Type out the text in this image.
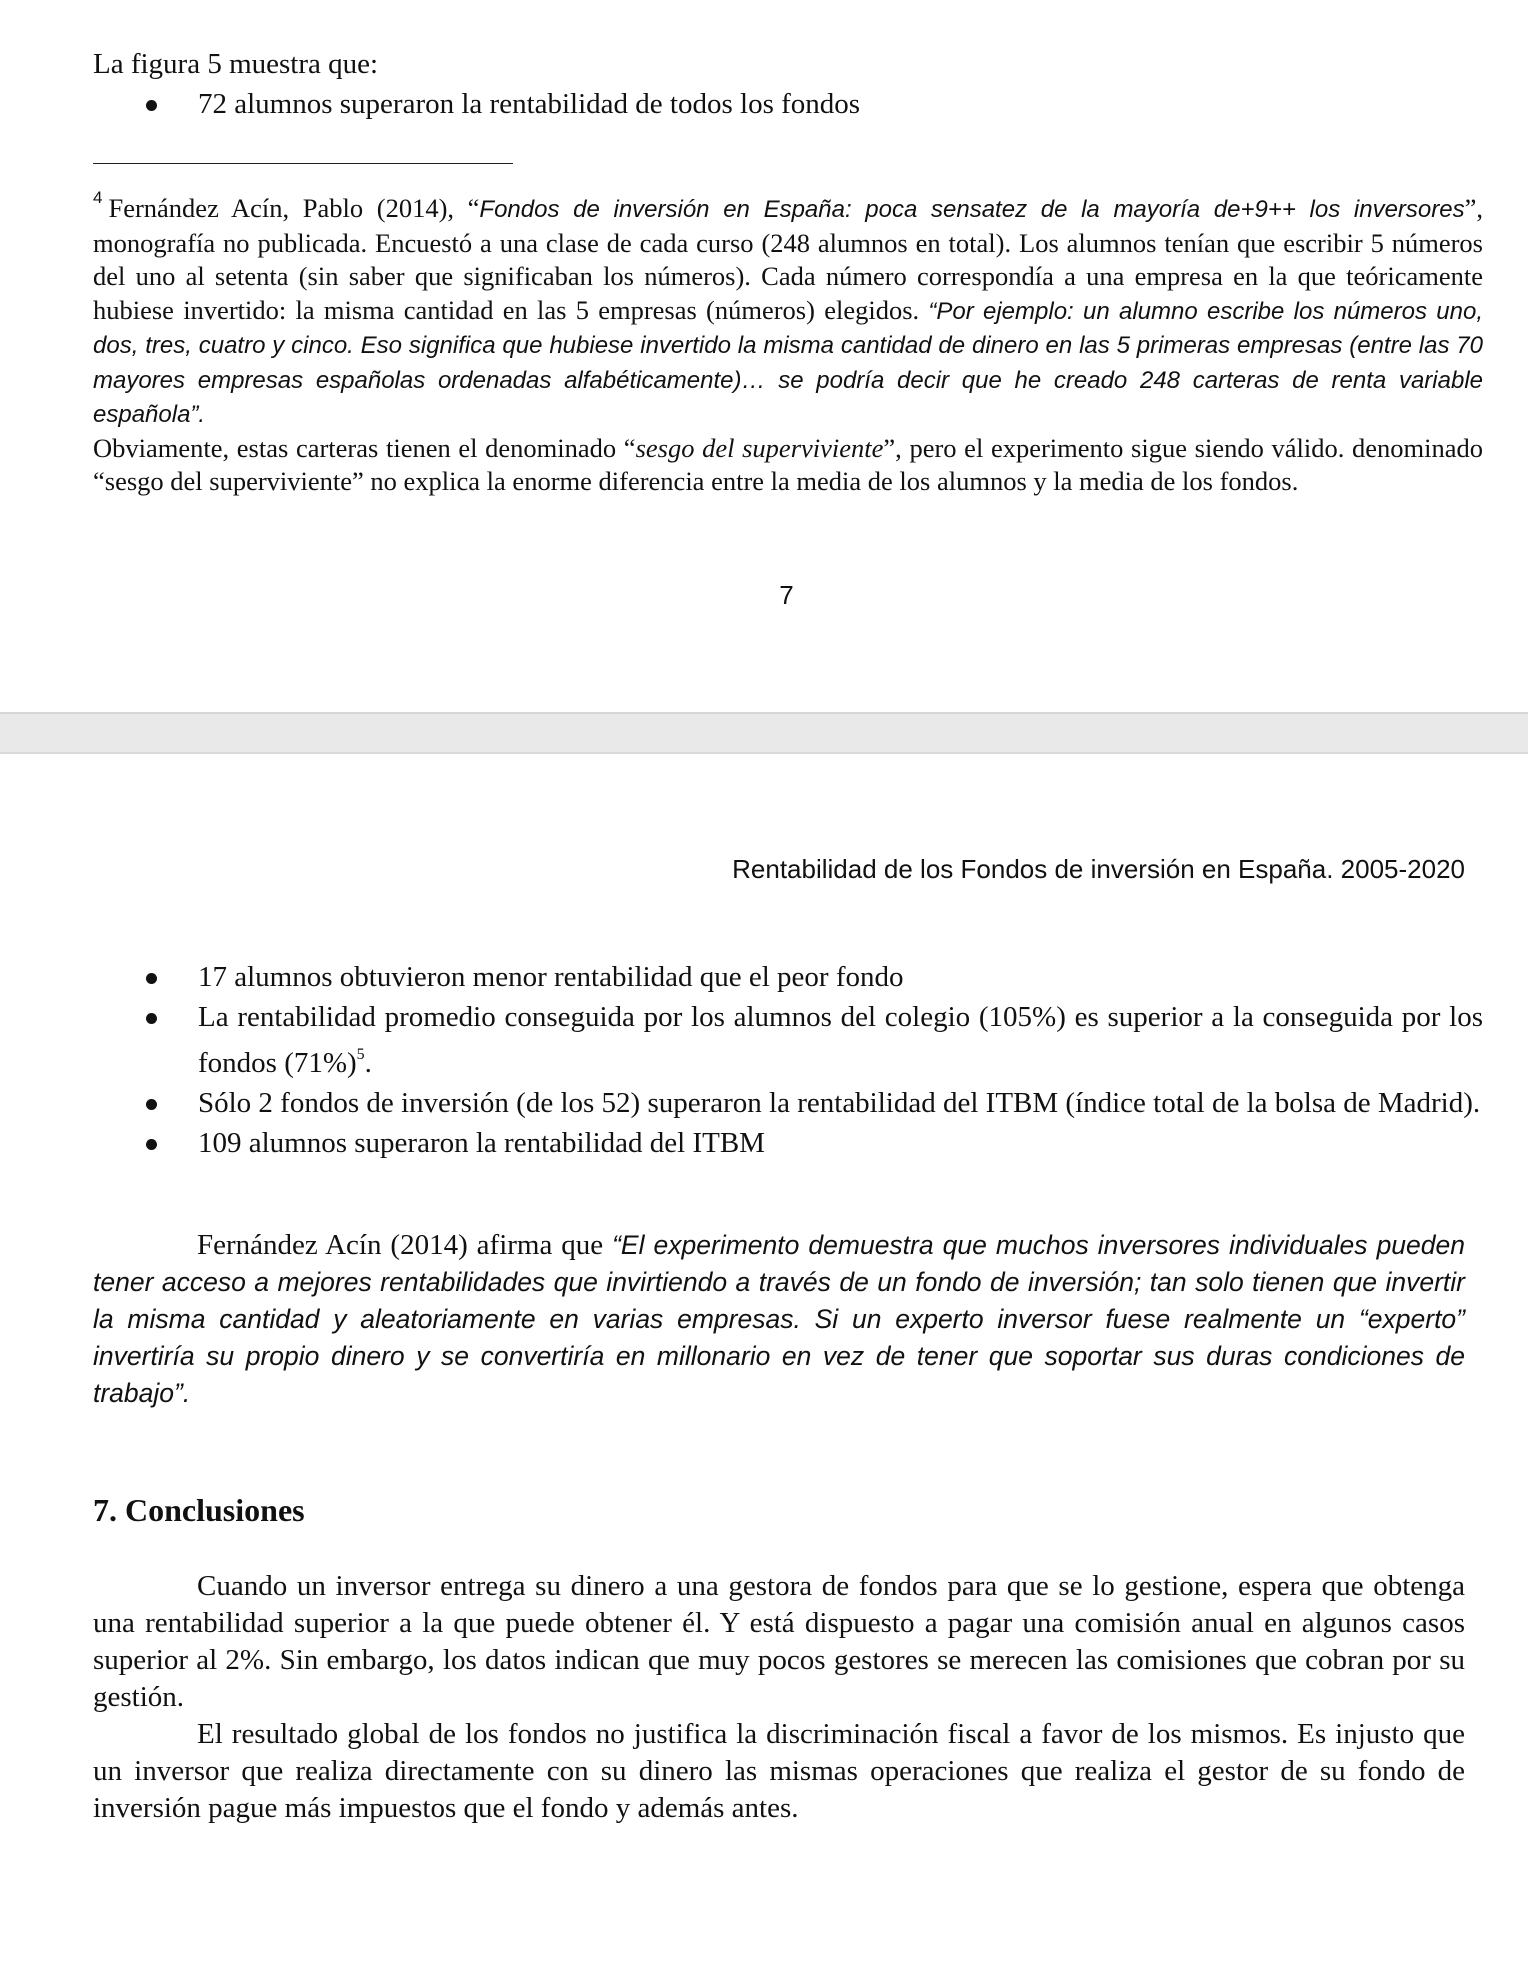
La figura 5 muestra que:
72 alumnos superaron la rentabilidad de todos los fondos

$^4$ Fernández Acín, Pablo (2014), “Fondos de inversión en España: poca sensatez de la mayoría de+9++ los inversores”, monografía no publicada. Encuestó a una clase de cada curso (248 alumnos en total). Los alumnos tenían que escribir 5 números del uno al setenta (sin saber que significaban los números). Cada número correspondía a una empresa en la que teóricamente hubiese invertido: la misma cantidad en las 5 empresas (números) elegidos. “Por ejemplo: un alumno escribe los números uno, dos, tres, cuatro y cinco. Eso significa que hubiese invertido la misma cantidad de dinero en las 5 primeras empresas (entre las 70 mayores empresas españolas ordenadas alfabéticamente)… se podría decir que he creado 248 carteras de renta variable española”.

Obviamente, estas carteras tienen el denominado “sesgo del superviviente”, pero el experimento sigue siendo válido. denominado “sesgo del superviviente” no explica la enorme diferencia entre la media de los alumnos y la media de los fondos.

7
Rentabilidad de los Fondos de inversión en España. 2005-2020
17 alumnos obtuvieron menor rentabilidad que el peor fondo
La rentabilidad promedio conseguida por los alumnos del colegio (105%) es superior a la conseguida por los fondos $(71\%)^5$.
Sólo 2 fondos de inversión (de los 52) superaron la rentabilidad del ITBM (índice total de la bolsa de Madrid).
109 alumnos superaron la rentabilidad del ITBM
Fernández Acín (2014) afirma que “El experimento demuestra que muchos inversores individuales pueden tener acceso a mejores rentabilidades que invirtiendo a través de un fondo de inversión; tan solo tienen que invertir la misma cantidad y aleatoriamente en varias empresas. Si un experto inversor fuese realmente un “experto” invertiría su propio dinero y se convertiría en millonario en vez de tener que soportar sus duras condiciones de trabajo”.
7. Conclusiones

Cuando un inversor entrega su dinero a una gestora de fondos para que se lo gestione, espera que obtenga una rentabilidad superior a la que puede obtener él. Y está dispuesto a pagar una comisión anual en algunos casos superior al 2%. Sin embargo, los datos indican que muy pocos gestores se merecen las comisiones que cobran por su gestión.

El resultado global de los fondos no justifica la discriminación fiscal a favor de los mismos. Es injusto que un inversor que realiza directamente con su dinero las mismas operaciones que realiza el gestor de su fondo de inversión pague más impuestos que el fondo y además antes.
